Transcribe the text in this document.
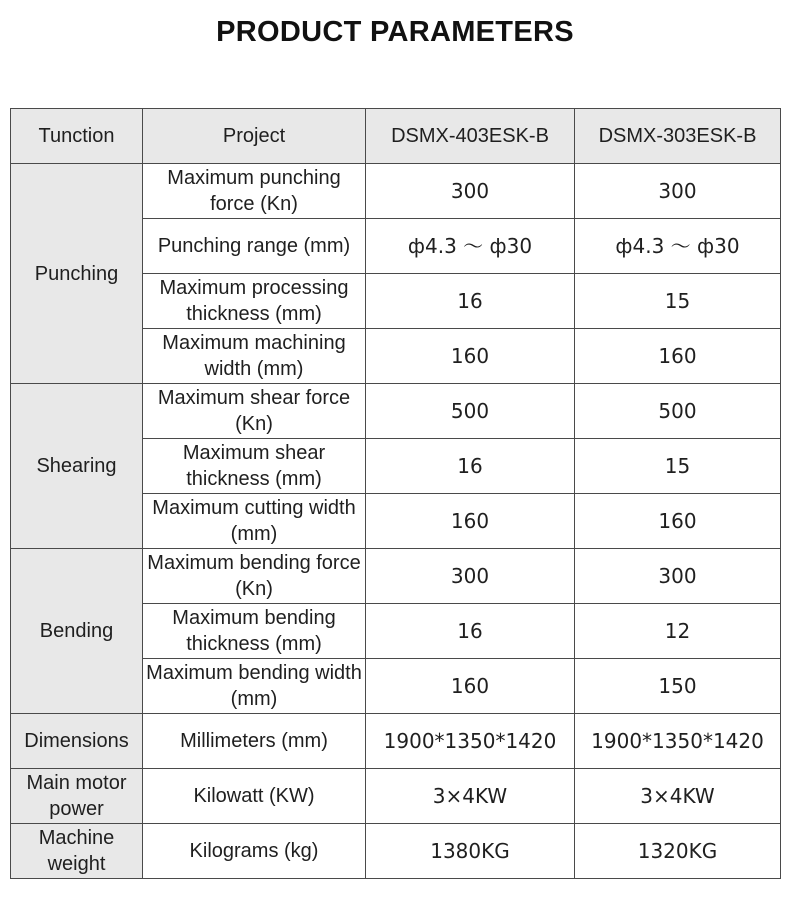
PRODUCT PARAMETERS
Tunction	Project	DSMX-403ESK-B	DSMX-303ESK-B
Punching	Maximum punching force (Kn)	300	300
	Punching range (mm)	ф4.3 ～ ф30	ф4.3 ～ ф30
	Maximum processing thickness (mm)	16	15
	Maximum machining width (mm)	160	160
Shearing	Maximum shear force (Kn)	500	500
	Maximum shear thickness (mm)	16	15
	Maximum cutting width (mm)	160	160
Bending	Maximum bending force (Kn)	300	300
	Maximum bending thickness (mm)	16	12
	Maximum bending width (mm)	160	150
Dimensions	Millimeters (mm)	1900*1350*1420	1900*1350*1420
Main motor power	Kilowatt (KW)	3×4KW	3×4KW
Machine weight	Kilograms (kg)	1380KG	1320KG
